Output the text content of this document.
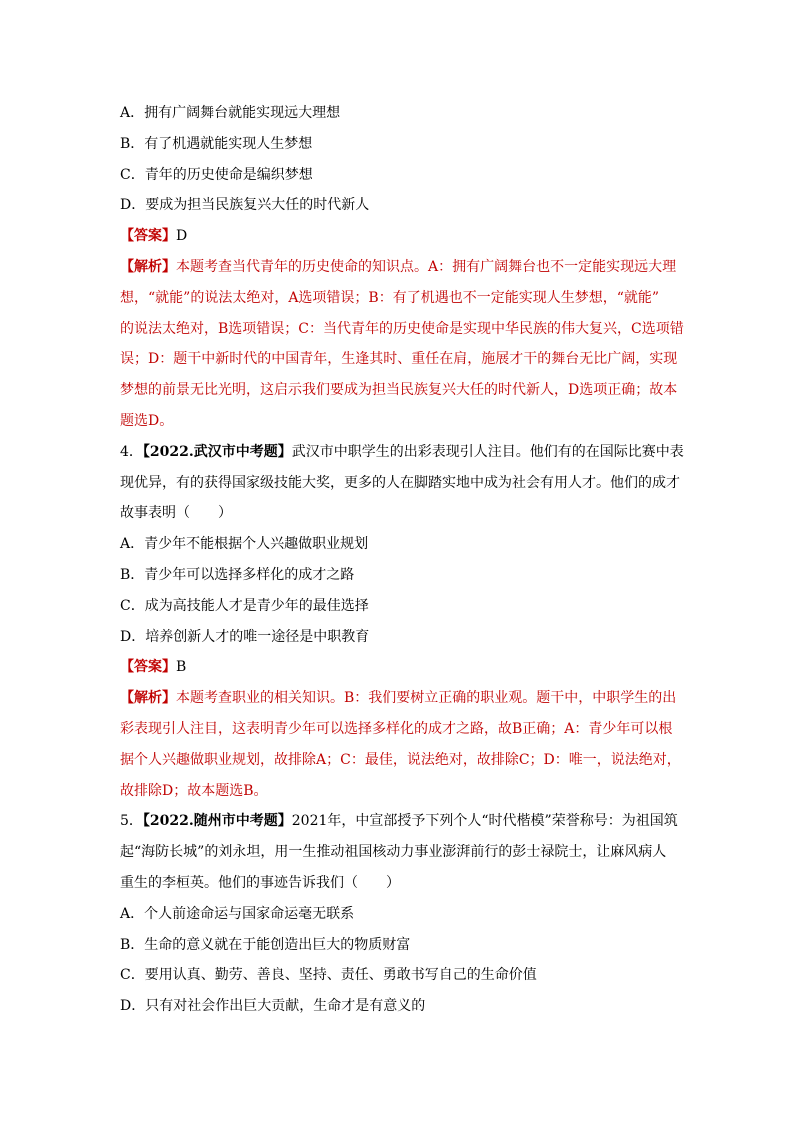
A．拥有广阔舞台就能实现远大理想

B．有了机遇就能实现人生梦想

C．青年的历史使命是编织梦想

D．要成为担当民族复兴大任的时代新人

【答案】D

【解析】本题考查当代青年的历史使命的知识点。A：拥有广阔舞台也不一定能实现远大理
想，“就能”的说法太绝对，A选项错误；B：有了机遇也不一定能实现人生梦想，“就能”
的说法太绝对，B选项错误；C：当代青年的历史使命是实现中华民族的伟大复兴，C选项错
误；D：题干中新时代的中国青年，生逢其时、重任在肩，施展才干的舞台无比广阔，实现
梦想的前景无比光明，这启示我们要成为担当民族复兴大任的时代新人，D选项正确；故本
题选D。
4．【2022.武汉市中考题】武汉市中职学生的出彩表现引人注目。他们有的在国际比赛中表
现优异，有的获得国家级技能大奖，更多的人在脚踏实地中成为社会有用人才。他们的成才
故事表明（　　）

A．青少年不能根据个人兴趣做职业规划

B．青少年可以选择多样化的成才之路

C．成为高技能人才是青少年的最佳选择

D．培养创新人才的唯一途径是中职教育

【答案】B

【解析】本题考查职业的相关知识。B：我们要树立正确的职业观。题干中，中职学生的出
彩表现引人注目，这表明青少年可以选择多样化的成才之路，故B正确；A：青少年可以根
据个人兴趣做职业规划，故排除A；C：最佳，说法绝对，故排除C；D：唯一，说法绝对，
故排除D；故本题选B。
5．【2022.随州市中考题】2021年，中宣部授予下列个人“时代楷模”荣誉称号：为祖国筑
起“海防长城”的刘永坦，用一生推动祖国核动力事业澎湃前行的彭士禄院士，让麻风病人
重生的李桓英。他们的事迹告诉我们（　　）

A．个人前途命运与国家命运毫无联系

B．生命的意义就在于能创造出巨大的物质财富

C．要用认真、勤劳、善良、坚持、责任、勇敢书写自己的生命价值

D．只有对社会作出巨大贡献，生命才是有意义的
